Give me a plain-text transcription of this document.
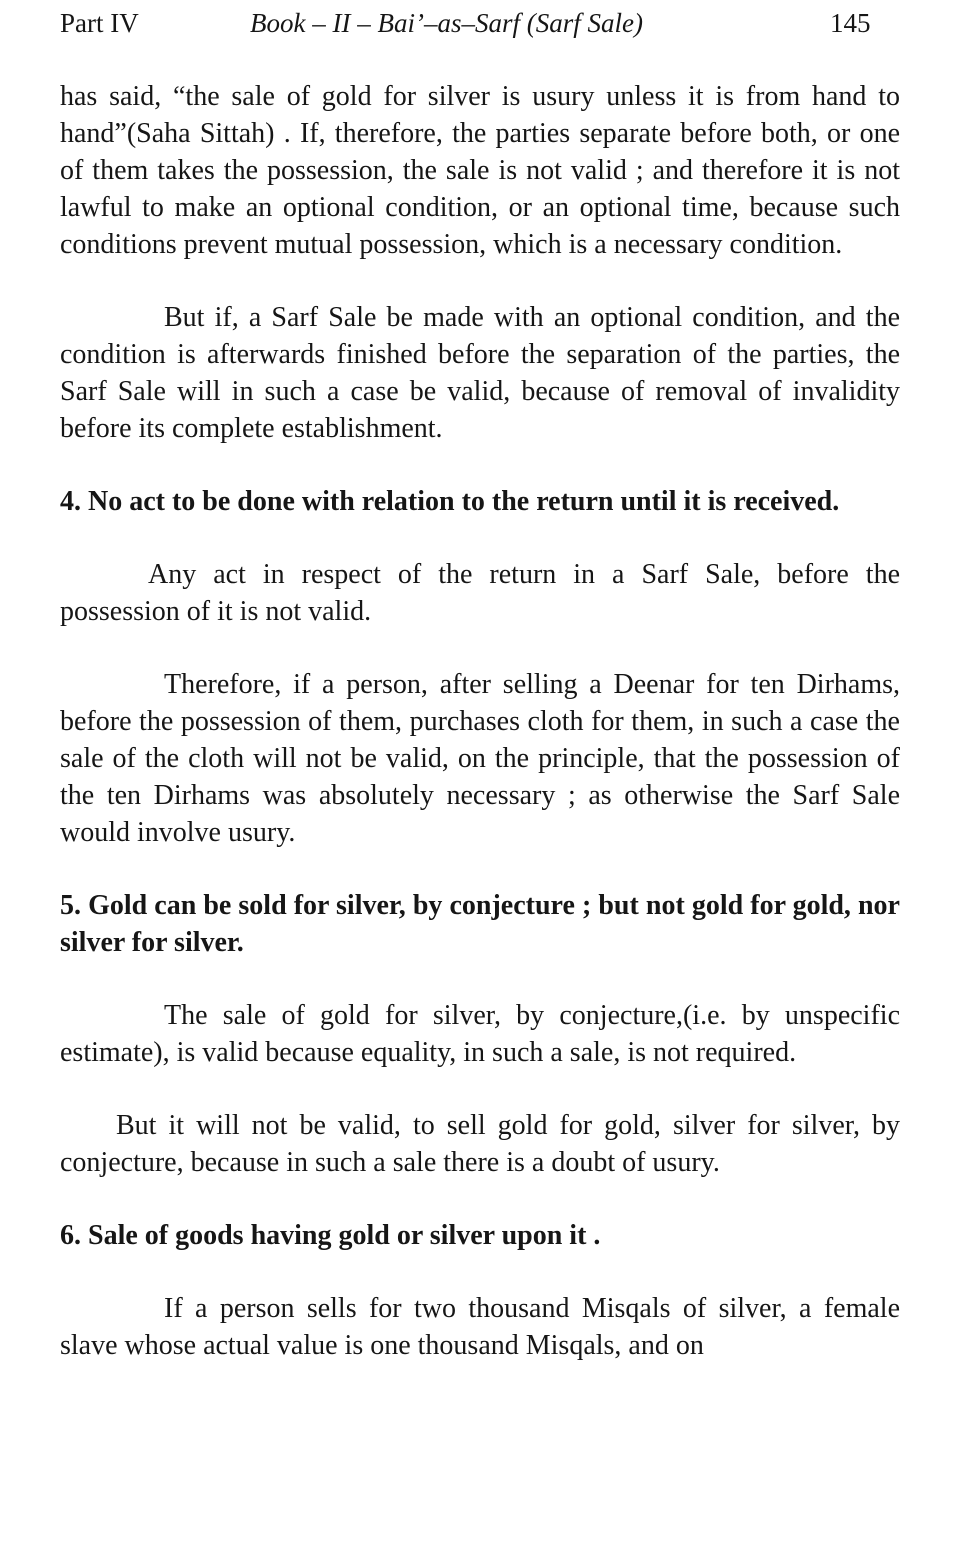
Part IV	Book – II – Bai’–as–Sarf (Sarf Sale)	145

has said, “the sale of gold for silver is usury unless it is from hand to hand”(Saha Sittah) . If, therefore, the parties separate before both, or one of them takes the possession, the sale is not valid ; and therefore it is not lawful to make an optional condition, or an optional time, because such conditions prevent mutual possession, which is a necessary condition.

But if, a Sarf Sale be made with an optional condition, and the condition is afterwards finished before the separation of the parties, the Sarf Sale will in such a case be valid, because of removal of invalidity before its complete establishment.

4. No act to be done with relation to the return until it is received.

Any act in respect of the return in a Sarf Sale, before the possession of it is not valid.

Therefore, if a person, after selling a Deenar for ten Dirhams, before the possession of them, purchases cloth for them, in such a case the sale of the cloth will not be valid, on the principle, that the possession of the ten Dirhams was absolutely necessary ; as otherwise the Sarf Sale would involve usury.

5. Gold can be sold for silver, by conjecture ; but not gold for gold, nor silver for silver.

The sale of gold for silver, by conjecture,(i.e. by unspecific estimate), is valid because equality, in such a sale, is not required.

But it will not be valid, to sell gold for gold, silver for silver, by conjecture, because in such a sale there is a doubt of usury.

6. Sale of goods having gold or silver upon it .

If a person sells for two thousand Misqals of silver, a female slave whose actual value is one thousand Misqals, and on
